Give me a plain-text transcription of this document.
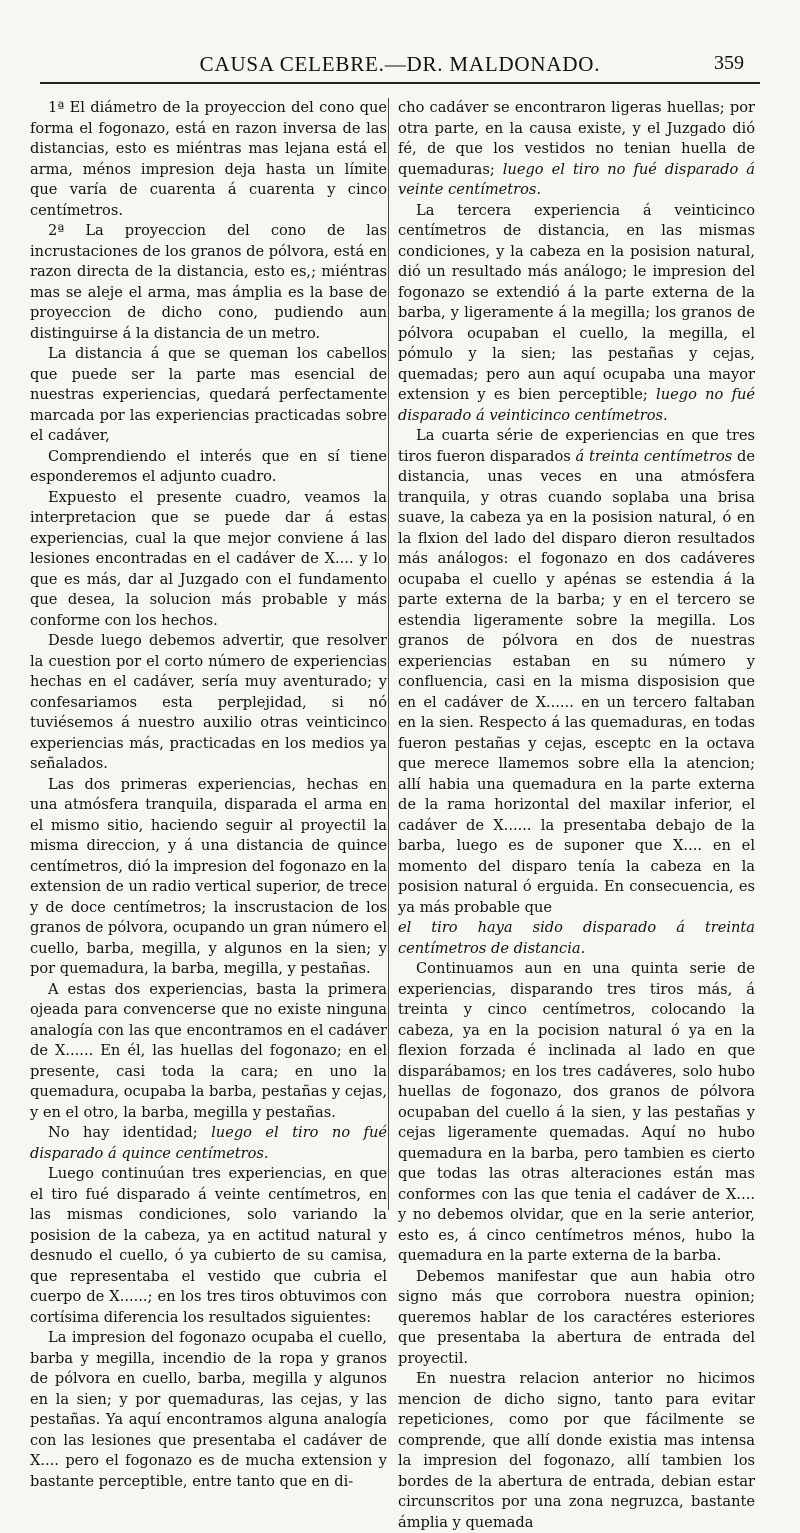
CAUSA CELEBRE.—DR. MALDONADO.	359

1ª El diámetro de la proyeccion del cono que forma el fogonazo, está en razon inversa de las distancias, esto es miéntras mas lejana está el arma, ménos impresion deja hasta un límite que varía de cuarenta á cuarenta y cinco centímetros.

2ª La proyeccion del cono de las incrustaciones de los granos de pólvora, está en razon directa de la distancia, esto es,; miéntras mas se aleje el arma, mas ámplia es la base de proyeccion de dicho cono, pudiendo aun distinguirse á la distancia de un metro.

La distancia á que se queman los cabellos que puede ser la parte mas esencial de nuestras experiencias, quedará perfectamente marcada por las experiencias practicadas sobre el cadáver,

Comprendiendo el interés que en sí tiene esponderemos el adjunto cuadro.

Expuesto el presente cuadro, veamos la interpretacion que se puede dar á estas experiencias, cual la que mejor conviene á las lesiones encontradas en el cadáver de X.... y lo que es más, dar al Juzgado con el fundamento que desea, la solucion más probable y más conforme con los hechos.

Desde luego debemos advertir, que resolver la cuestion por el corto número de experiencias hechas en el cadáver, sería muy aventurado; y confesariamos esta perplejidad, si nó tuviésemos á nuestro auxilio otras veinticinco experiencias más, practicadas en los medios ya señalados.

Las dos primeras experiencias, hechas en una atmósfera tranquila, disparada el arma en el mismo sitio, haciendo seguir al proyectil la misma direccion, y á una distancia de quince centímetros, dió la impresion del fogonazo en la extension de un radio vertical superior, de trece y de doce centímetros; la inscrustacion de los granos de pólvora, ocupando un gran número el cuello, barba, megilla, y algunos en la sien; y por quemadura, la barba, megilla, y pestañas.

A estas dos experiencias, basta la primera ojeada para convencerse que no existe ninguna analogía con las que encontramos en el cadáver de X...... En él, las huellas del fogonazo; en el presente, casi toda la cara; en uno la quemadura, ocupaba la barba, pestañas y cejas, y en el otro, la barba, megilla y pestañas.

No hay identidad; luego el tiro no fué disparado á quince centímetros.

Luego continuúan tres experiencias, en que el tiro fué disparado á veinte centímetros, en las mismas condiciones, solo variando la posision de la cabeza, ya en actitud natural y desnudo el cuello, ó ya cubierto de su camisa, que representaba el vestido que cubria el cuerpo de X......; en los tres tiros obtuvimos con cortísima diferencia los resultados siguientes:

La impresion del fogonazo ocupaba el cuello, barba y megilla, incendio de la ropa y granos de pólvora en cuello, barba, megilla y algunos en la sien; y por quemaduras, las cejas, y las pestañas. Ya aquí encontramos alguna analogía con las lesiones que presentaba el cadáver de X.... pero el fogonazo es de mucha extension y bastante perceptible, entre tanto que en di-

cho cadáver se encontraron ligeras huellas; por otra parte, en la causa existe, y el Juzgado dió fé, de que los vestidos no tenian huella de quemaduras; luego el tiro no fué disparado á veinte centímetros.

La tercera experiencia á veinticinco centímetros de distancia, en las mismas condiciones, y la cabeza en la posision natural, dió un resultado más análogo; le impresion del fogonazo se extendió á la parte externa de la barba, y ligeramente á la megilla; los granos de pólvora ocupaban el cuello, la megilla, el pómulo y la sien; las pestañas y cejas, quemadas; pero aun aquí ocupaba una mayor extension y es bien perceptible; luego no fué disparado á veinticinco centímetros.

La cuarta série de experiencias en que tres tiros fueron disparados á treinta centímetros de distancia, unas veces en una atmósfera tranquila, y otras cuando soplaba una brisa suave, la cabeza ya en la posision natural, ó en la flxion del lado del disparo dieron resultados más análogos: el fogonazo en dos cadáveres ocupaba el cuello y apénas se estendia á la parte externa de la barba; y en el tercero se estendia ligeramente sobre la megilla. Los granos de pólvora en dos de nuestras experiencias estaban en su número y confluencia, casi en la misma disposision que en el cadáver de X...... en un tercero faltaban en la sien. Respecto á las quemaduras, en todas fueron pestañas y cejas, esceptc en la octava que merece llamemos sobre ella la atencion; allí habia una quemadura en la parte externa de la rama horizontal del maxilar inferior, el cadáver de X...... la presentaba debajo de la barba, luego es de suponer que X.... en el momento del disparo tenía la cabeza en la posision natural ó erguida. En consecuencia, es ya más probable que

el tiro haya sido disparado á treinta centímetros de distancia.

Continuamos aun en una quinta serie de experiencias, disparando tres tiros más, á treinta y cinco centímetros, colocando la cabeza, ya en la pocision natural ó ya en la flexion forzada é inclinada al lado en que disparábamos; en los tres cadáveres, solo hubo huellas de fogonazo, dos granos de pólvora ocupaban del cuello á la sien, y las pestañas y cejas ligeramente quemadas. Aquí no hubo quemadura en la barba, pero tambien es cierto que todas las otras alteraciones están mas conformes con las que tenia el cadáver de X.... y no debemos olvidar, que en la serie anterior, esto es, á cinco centímetros ménos, hubo la quemadura en la parte externa de la barba.

Debemos manifestar que aun habia otro signo más que corrobora nuestra opinion; queremos hablar de los caractéres esteriores que presentaba la abertura de entrada del proyectil.

En nuestra relacion anterior no hicimos mencion de dicho signo, tanto para evitar repeticiones, como por que fácilmente se comprende, que allí donde existia mas intensa la impresion del fogonazo, allí tambien los bordes de la abertura de entrada, debian estar circunscritos por una zona negruzca, bastante ámplia y quemada
